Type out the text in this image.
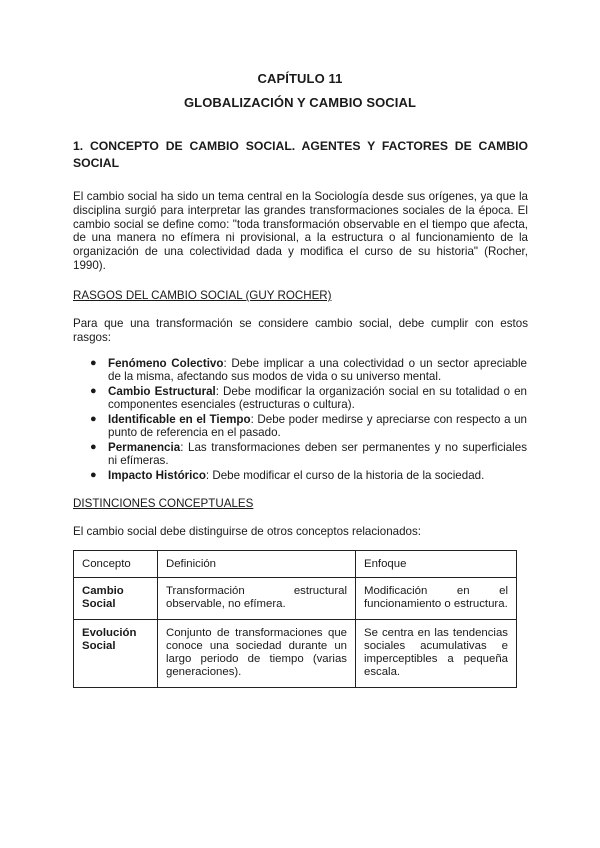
CAPÍTULO 11
GLOBALIZACIÓN Y CAMBIO SOCIAL
1. CONCEPTO DE CAMBIO SOCIAL. AGENTES Y FACTORES DE CAMBIO SOCIAL

El cambio social ha sido un tema central en la Sociología desde sus orígenes, ya que la disciplina surgió para interpretar las grandes transformaciones sociales de la época. El cambio social se define como: "toda transformación observable en el tiempo que afecta, de una manera no efímera ni provisional, a la estructura o al funcionamiento de la organización de una colectividad dada y modifica el curso de su historia" (Rocher, 1990).

RASGOS DEL CAMBIO SOCIAL (GUY ROCHER)

Para que una transformación se considere cambio social, debe cumplir con estos rasgos:

● Fenómeno Colectivo: Debe implicar a una colectividad o un sector apreciable de la misma, afectando sus modos de vida o su universo mental.
● Cambio Estructural: Debe modificar la organización social en su totalidad o en componentes esenciales (estructuras o cultura).
● Identificable en el Tiempo: Debe poder medirse y apreciarse con respecto a un punto de referencia en el pasado.
● Permanencia: Las transformaciones deben ser permanentes y no superficiales ni efímeras.
● Impacto Histórico: Debe modificar el curso de la historia de la sociedad.

DISTINCIONES CONCEPTUALES

El cambio social debe distinguirse de otros conceptos relacionados:

Concepto	Definición	Enfoque
Cambio Social	Transformación estructural observable, no efímera.	Modificación en el funcionamiento o estructura.
Evolución Social	Conjunto de transformaciones que conoce una sociedad durante un largo periodo de tiempo (varias generaciones).	Se centra en las tendencias sociales acumulativas e imperceptibles a pequeña escala.
